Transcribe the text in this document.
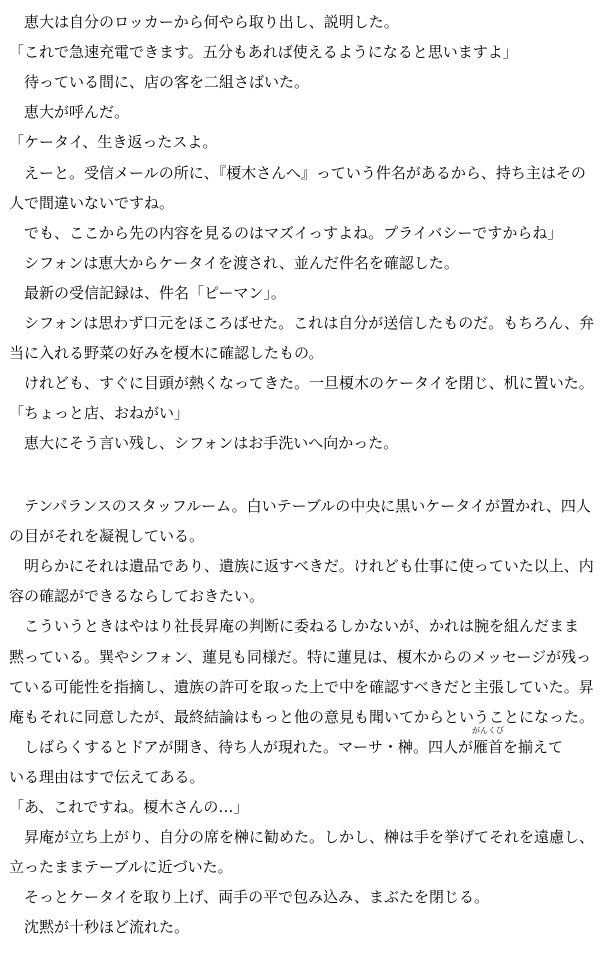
　恵大は自分のロッカーから何やら取り出し、説明した。
「これで急速充電できます。五分もあれば使えるようになると思いますよ」
　待っている間に、店の客を二組さばいた。
　恵大が呼んだ。
「ケータイ、生き返ったスよ。
　えーと。受信メールの所に、『榎木さんへ』っていう件名があるから、持ち主はその
人で間違いないですね。
　でも、ここから先の内容を見るのはマズイっすよね。プライバシーですからね」
　シフォンは恵大からケータイを渡され、並んだ件名を確認した。
　最新の受信記録は、件名「ピーマン」。
　シフォンは思わず口元をほころばせた。これは自分が送信したものだ。もちろん、弁
当に入れる野菜の好みを榎木に確認したもの。
　けれども、すぐに目頭が熱くなってきた。一旦榎木のケータイを閉じ、机に置いた。
「ちょっと店、おねがい」
　恵大にそう言い残し、シフォンはお手洗いへ向かった。
　テンパランスのスタッフルーム。白いテーブルの中央に黒いケータイが置かれ、四人
の目がそれを凝視している。
　明らかにそれは遺品であり、遺族に返すべきだ。けれども仕事に使っていた以上、内
容の確認ができるならしておきたい。
　こういうときはやはり社長昇庵の判断に委ねるしかないが、かれは腕を組んだまま
黙っている。巽やシフォン、蓮見も同様だ。特に蓮見は、榎木からのメッセージが残っ
ている可能性を指摘し、遺族の許可を取った上で中を確認すべきだと主張していた。昇
庵もそれに同意したが、最終結論はもっと他の意見も聞いてからということになった。
　しばらくするとドアが開き、待ち人が現れた。マーサ・榊。四人が雁首
がんくび
を揃えて
いる理由はすで伝えてある。
「あ、これですね。榎木さんの…」
　昇庵が立ち上がり、自分の席を榊に勧めた。しかし、榊は手を挙げてそれを遠慮し、
立ったままテーブルに近づいた。
　そっとケータイを取り上げ、両手の平で包み込み、まぶたを閉じる。
　沈黙が十秒ほど流れた。
